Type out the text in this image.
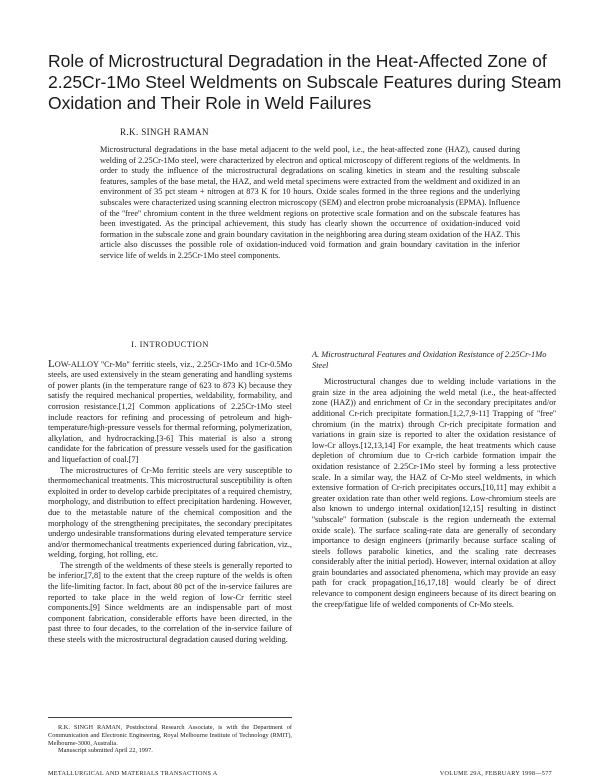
Role of Microstructural Degradation in the Heat-Affected Zone of 2.25Cr-1Mo Steel Weldments on Subscale Features during Steam Oxidation and Their Role in Weld Failures
R.K. SINGH RAMAN

Microstructural degradations in the base metal adjacent to the weld pool, i.e., the heat-affected zone (HAZ), caused during welding of 2.25Cr-1Mo steel, were characterized by electron and optical microscopy of different regions of the weldments. In order to study the influence of the microstructural degradations on scaling kinetics in steam and the resulting subscale features, samples of the base metal, the HAZ, and weld metal specimens were extracted from the weldment and oxidized in an environment of 35 pct steam + nitrogen at 873 K for 10 hours. Oxide scales formed in the three regions and the underlying subscales were characterized using scanning electron microscopy (SEM) and electron probe microanalysis (EPMA). Influence of the ''free'' chromium content in the three weldment regions on protective scale formation and on the subscale features has been investigated. As the principal achievement, this study has clearly shown the occurrence of oxidation-induced void formation in the subscale zone and grain boundary cavitation in the neighboring area during steam oxidation of the HAZ. This article also discusses the possible role of oxidation-induced void formation and grain boundary cavitation in the inferior service life of welds in 2.25Cr-1Mo steel components.

I. INTRODUCTION

LOW-ALLOY ''Cr-Mo'' ferritic steels, viz., 2.25Cr-1Mo and 1Cr-0.5Mo steels, are used extensively in the steam generating and handling systems of power plants (in the temperature range of 623 to 873 K) because they satisfy the required mechanical properties, weldability, formability, and corrosion resistance.[1,2] Common applications of 2.25Cr-1Mo steel include reactors for refining and processing of petroleum and high-temperature/high-pressure vessels for thermal reforming, polymerization, alkylation, and hydrocracking.[3-6] This material is also a strong candidate for the fabrication of pressure vessels used for the gasification and liquefaction of coal.[7]

The microstructures of Cr-Mo ferritic steels are very susceptible to thermomechanical treatments. This microstructural susceptibility is often exploited in order to develop carbide precipitates of a required chemistry, morphology, and distribution to effect precipitation hardening. However, due to the metastable nature of the chemical composition and the morphology of the strengthening precipitates, the secondary precipitates undergo undesirable transformations during elevated temperature service and/or thermomechanical treatments experienced during fabrication, viz., welding, forging, hot rolling, etc.

The strength of the weldments of these steels is generally reported to be inferior,[7,8] to the extent that the creep rupture of the welds is often the life-limiting factor. In fact, about 80 pct of the in-service failures are reported to take place in the weld region of low-Cr ferritic steel components.[9] Since weldments are an indispensable part of most component fabrication, considerable efforts have been directed, in the past three to four decades, to the correlation of the in-service failure of these steels with the microstructural degradation caused during welding.

A. Microstructural Features and Oxidation Resistance of 2.25Cr-1Mo Steel

Microstructural changes due to welding include variations in the grain size in the area adjoining the weld metal (i.e., the heat-affected zone (HAZ)) and enrichment of Cr in the secondary precipitates and/or additional Cr-rich precipitate formation.[1,2,7,9-11] Trapping of ''free'' chromium (in the matrix) through Cr-rich precipitate formation and variations in grain size is reported to alter the oxidation resistance of low-Cr alloys.[12,13,14] For example, the heat treatments which cause depletion of chromium due to Cr-rich carbide formation impair the oxidation resistance of 2.25Cr-1Mo steel by forming a less protective scale. In a similar way, the HAZ of Cr-Mo steel weldments, in which extensive formation of Cr-rich precipitates occurs,[10,11] may exhibit a greater oxidation rate than other weld regions. Low-chromium steels are also known to undergo internal oxidation[12,15] resulting in distinct ''subscale'' formation (subscale is the region underneath the external oxide scale). The surface scaling-rate data are generally of secondary importance to design engineers (primarily because surface scaling of steels follows parabolic kinetics, and the scaling rate decreases considerably after the initial period). However, internal oxidation at alloy grain boundaries and associated phenomena, which may provide an easy path for crack propagation,[16,17,18] would clearly be of direct relevance to component design engineers because of its direct bearing on the creep/fatigue life of welded components of Cr-Mo steels.

R.K. SINGH RAMAN, Postdoctoral Research Associate, is with the Department of Communication and Electronic Engineering, Royal Melbourne Institute of Technology (RMIT), Melbourne-3000, Australia.

Manuscript submitted April 22, 1997.

METALLURGICAL AND MATERIALS TRANSACTIONS A	VOLUME 29A, FEBRUARY 1998—577
